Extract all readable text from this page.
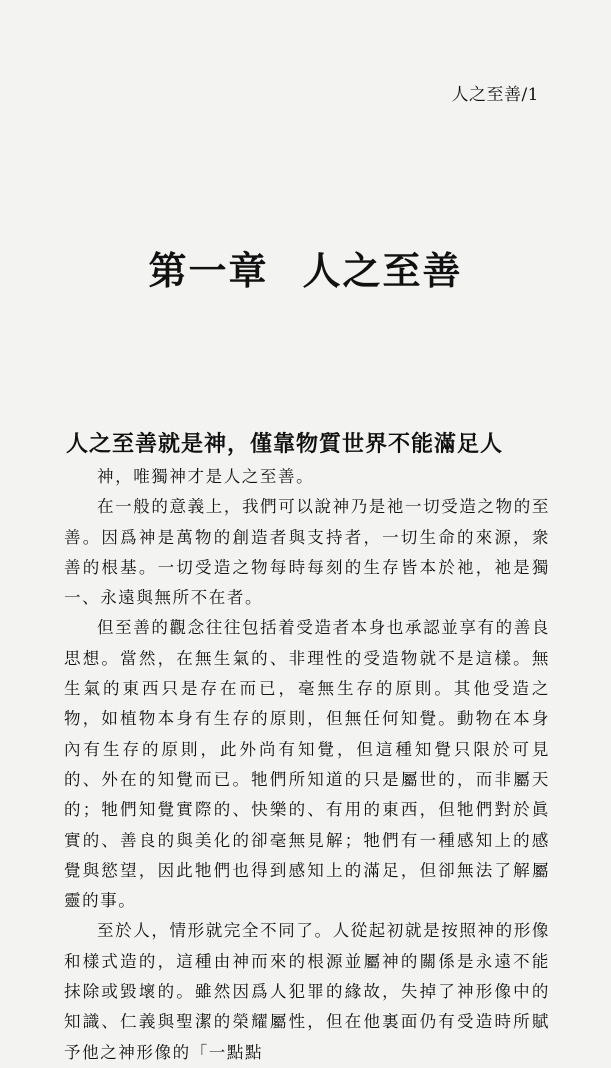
人之至善/1
第一章 人之至善
人之至善就是神，僅靠物質世界不能滿足人

神，唯獨神才是人之至善。

在一般的意義上，我們可以說神乃是祂一切受造之物的至善。因爲神是萬物的創造者與支持者，一切生命的來源，衆善的根基。一切受造之物每時每刻的生存皆本於祂，祂是獨一、永遠與無所不在者。

但至善的觀念往往包括着受造者本身也承認並享有的善良思想。當然，在無生氣的、非理性的受造物就不是這樣。無生氣的東西只是存在而已，毫無生存的原則。其他受造之物，如植物本身有生存的原則，但無任何知覺。動物在本身內有生存的原則，此外尚有知覺，但這種知覺只限於可見的、外在的知覺而已。牠們所知道的只是屬世的，而非屬天的；牠們知覺實際的、快樂的、有用的東西，但牠們對於眞實的、善良的與美化的卻毫無見解；牠們有一種感知上的感覺與慾望，因此牠們也得到感知上的滿足，但卻無法了解屬靈的事。

至於人，情形就完全不同了。人從起初就是按照神的形像和樣式造的，這種由神而來的根源並屬神的關係是永遠不能抹除或毀壞的。雖然因爲人犯罪的緣故，失掉了神形像中的知識、仁義與聖潔的榮耀屬性，但在他裏面仍有受造時所賦予他之神形像的「一點點
